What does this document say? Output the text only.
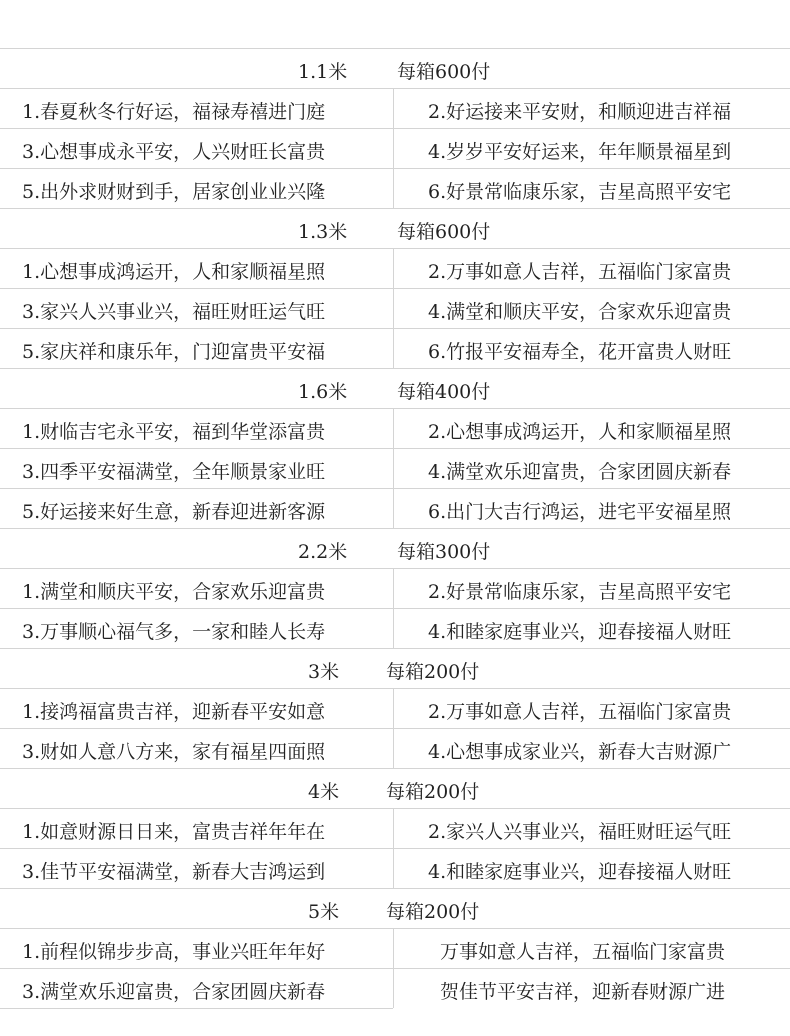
1.1米	每箱600付
1.春夏秋冬行好运，福禄寿禧进门庭	2.好运接来平安财，和顺迎进吉祥福
3.心想事成永平安，人兴财旺长富贵	4.岁岁平安好运来，年年顺景福星到
5.出外求财财到手，居家创业业兴隆	6.好景常临康乐家，吉星高照平安宅
1.3米	每箱600付
1.心想事成鸿运开，人和家顺福星照	2.万事如意人吉祥，五福临门家富贵
3.家兴人兴事业兴，福旺财旺运气旺	4.满堂和顺庆平安，合家欢乐迎富贵
5.家庆祥和康乐年，门迎富贵平安福	6.竹报平安福寿全，花开富贵人财旺
1.6米	每箱400付
1.财临吉宅永平安，福到华堂添富贵	2.心想事成鸿运开，人和家顺福星照
3.四季平安福满堂，全年顺景家业旺	4.满堂欢乐迎富贵，合家团圆庆新春
5.好运接来好生意，新春迎进新客源	6.出门大吉行鸿运，进宅平安福星照
2.2米	每箱300付
1.满堂和顺庆平安，合家欢乐迎富贵	2.好景常临康乐家，吉星高照平安宅
3.万事顺心福气多，一家和睦人长寿	4.和睦家庭事业兴，迎春接福人财旺
3米 每箱200付
1.接鸿福富贵吉祥，迎新春平安如意	2.万事如意人吉祥，五福临门家富贵
3.财如人意八方来，家有福星四面照	4.心想事成家业兴，新春大吉财源广
4米 每箱200付
1.如意财源日日来，富贵吉祥年年在	2.家兴人兴事业兴，福旺财旺运气旺
3.佳节平安福满堂，新春大吉鸿运到	4.和睦家庭事业兴，迎春接福人财旺
5米 每箱200付
1.前程似锦步步高，事业兴旺年年好	万事如意人吉祥，五福临门家富贵
3.满堂欢乐迎富贵，合家团圆庆新春	贺佳节平安吉祥，迎新春财源广进
